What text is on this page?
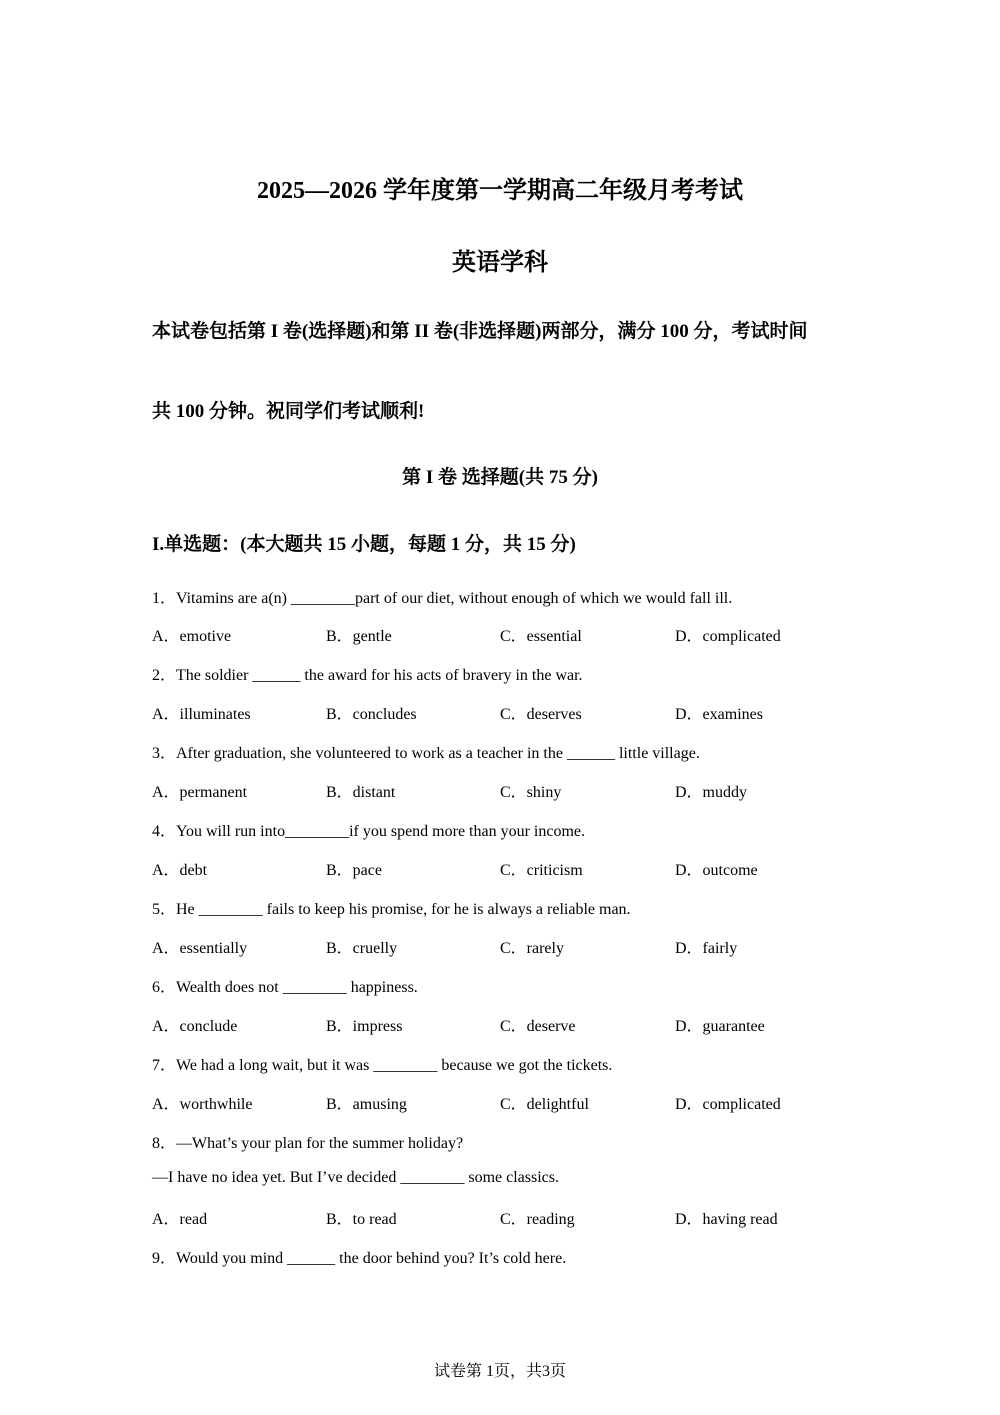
2025—2026 学年度第一学期高二年级月考考试
英语学科
本试卷包括第 I 卷(选择题)和第 II 卷(非选择题)两部分，满分 100 分，考试时间
共 100 分钟。祝同学们考试顺利!
第 I 卷 选择题(共 75 分)
I.单选题：(本大题共 15 小题，每题 1 分，共 15 分)
1．Vitamins are a(n) ________part of our diet, without enough of which we would fall ill.
A．emotive	B．gentle	C．essential	D．complicated
2．The soldier ______ the award for his acts of bravery in the war.
A．illuminates	B．concludes	C．deserves	D．examines
3．After graduation, she volunteered to work as a teacher in the ______ little village.
A．permanent	B．distant	C．shiny	D．muddy
4．You will run into________if you spend more than your income.
A．debt	B．pace	C．criticism	D．outcome
5．He ________ fails to keep his promise, for he is always a reliable man.
A．essentially	B．cruelly	C．rarely	D．fairly
6．Wealth does not ________ happiness.
A．conclude	B．impress	C．deserve	D．guarantee
7．We had a long wait, but it was ________ because we got the tickets.
A．worthwhile	B．amusing	C．delightful	D．complicated
8．—What’s your plan for the summer holiday?
—I have no idea yet. But I’ve decided ________ some classics.
A．read	B．to read	C．reading	D．having read
9．Would you mind ______ the door behind you? It’s cold here.
试卷第 1页，共3页
